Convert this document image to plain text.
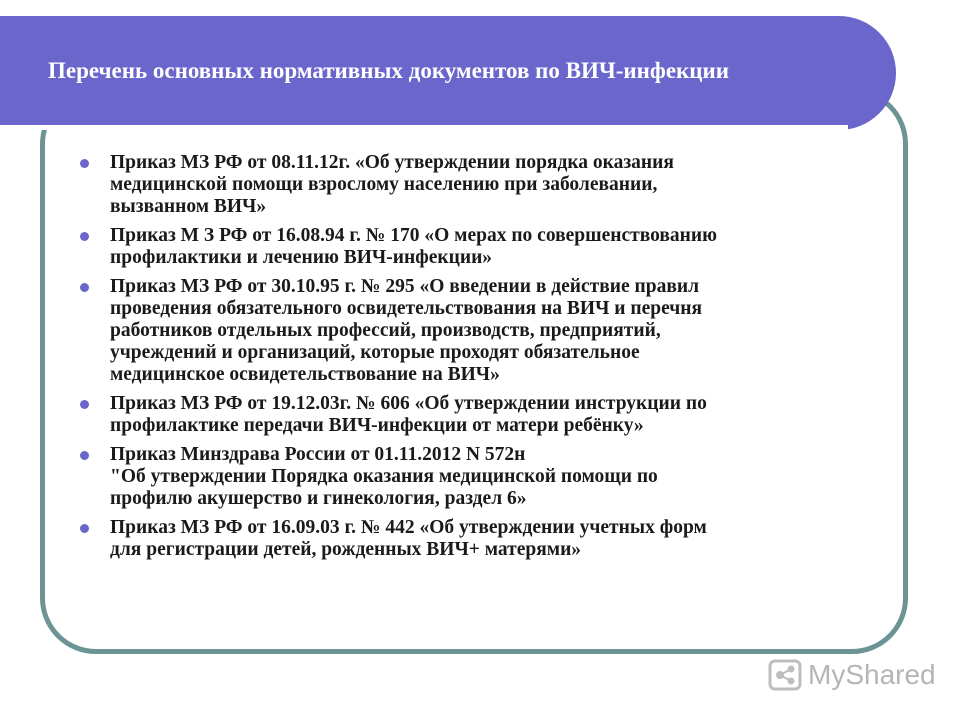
Перечень основных нормативных документов по ВИЧ-инфекции
Приказ МЗ РФ от 08.11.12г. «Об утверждении порядка оказания
медицинской помощи взрослому населению при заболевании,
вызванном ВИЧ»
Приказ М З РФ от 16.08.94 г. № 170 «О мерах по совершенствованию
профилактики и лечению ВИЧ-инфекции»
Приказ МЗ РФ от 30.10.95 г. № 295 «О введении в действие правил
проведения обязательного освидетельствования на ВИЧ и перечня
работников отдельных профессий, производств, предприятий,
учреждений и организаций, которые проходят обязательное
медицинское освидетельствование на ВИЧ»
Приказ МЗ РФ от 19.12.03г. № 606 «Об утверждении инструкции по
профилактике передачи ВИЧ-инфекции от матери ребёнку»
Приказ Минздрава России от 01.11.2012 N 572н
"Об утверждении Порядка оказания медицинской помощи по
профилю акушерство и гинекология, раздел 6»
Приказ МЗ РФ от 16.09.03 г. № 442 «Об утверждении учетных форм
для регистрации детей, рожденных ВИЧ+ матерями»
MyShared
